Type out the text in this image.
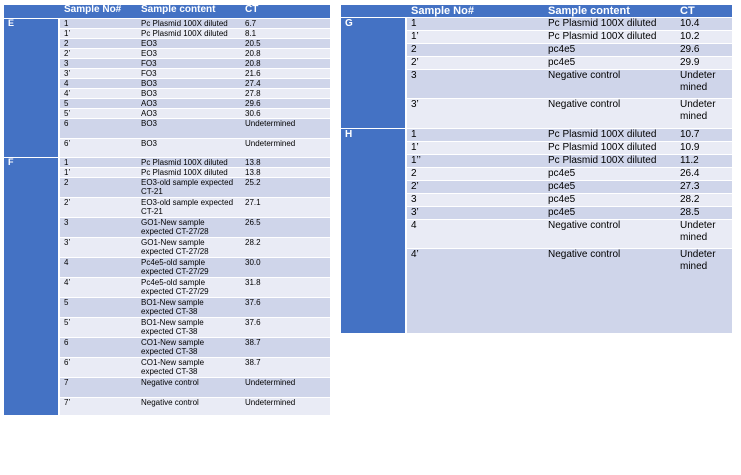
	Sample No#	Sample content	CT
E	1	Pc Plasmid 100X diluted	6.7
	1’	Pc Plasmid 100X diluted	8.1
	2	EO3	20.5
	2’	EO3	20.8
	3	FO3	20.8
	3’	FO3	21.6
	4	BO3	27.4
	4’	BO3	27.8
	5	AO3	29.6
	5’	AO3	30.6
	6	BO3	Undetermined
	6’	BO3	Undetermined
F	1	Pc Plasmid 100X diluted	13.8
	1’	Pc Plasmid 100X diluted	13.8
	2	EO3-old sample expected CT-21	25.2
	2’	EO3-old sample expected CT-21	27.1
	3	GO1-New sample expected CT-27/28	26.5
	3’	GO1-New sample expected CT-27/28	28.2
	4	Pc4e5-old sample expected CT-27/29	30.0
	4’	Pc4e5-old sample expected CT-27/29	31.8
	5	BO1-New sample expected CT-38	37.6
	5’	BO1-New sample expected CT-38	37.6
	6	CO1-New sample expected CT-38	38.7
	6’	CO1-New sample expected CT-38	38.7
	7	Negative control	Undetermined
	7’	Negative control	Undetermined
	Sample No#	Sample content	CT
G	1	Pc Plasmid 100X diluted	10.4
	1’	Pc Plasmid 100X diluted	10.2
	2	pc4e5	29.6
	2’	pc4e5	29.9
	3	Negative control	Undeter mined
	3’	Negative control	Undeter mined
H	1	Pc Plasmid 100X diluted	10.7
	1’	Pc Plasmid 100X diluted	10.9
	1’’	Pc Plasmid 100X diluted	11.2
	2	pc4e5	26.4
	2’	pc4e5	27.3
	3	pc4e5	28.2
	3’	pc4e5	28.5
	4	Negative control	Undeter mined
	4’	Negative control	Undeter mined
